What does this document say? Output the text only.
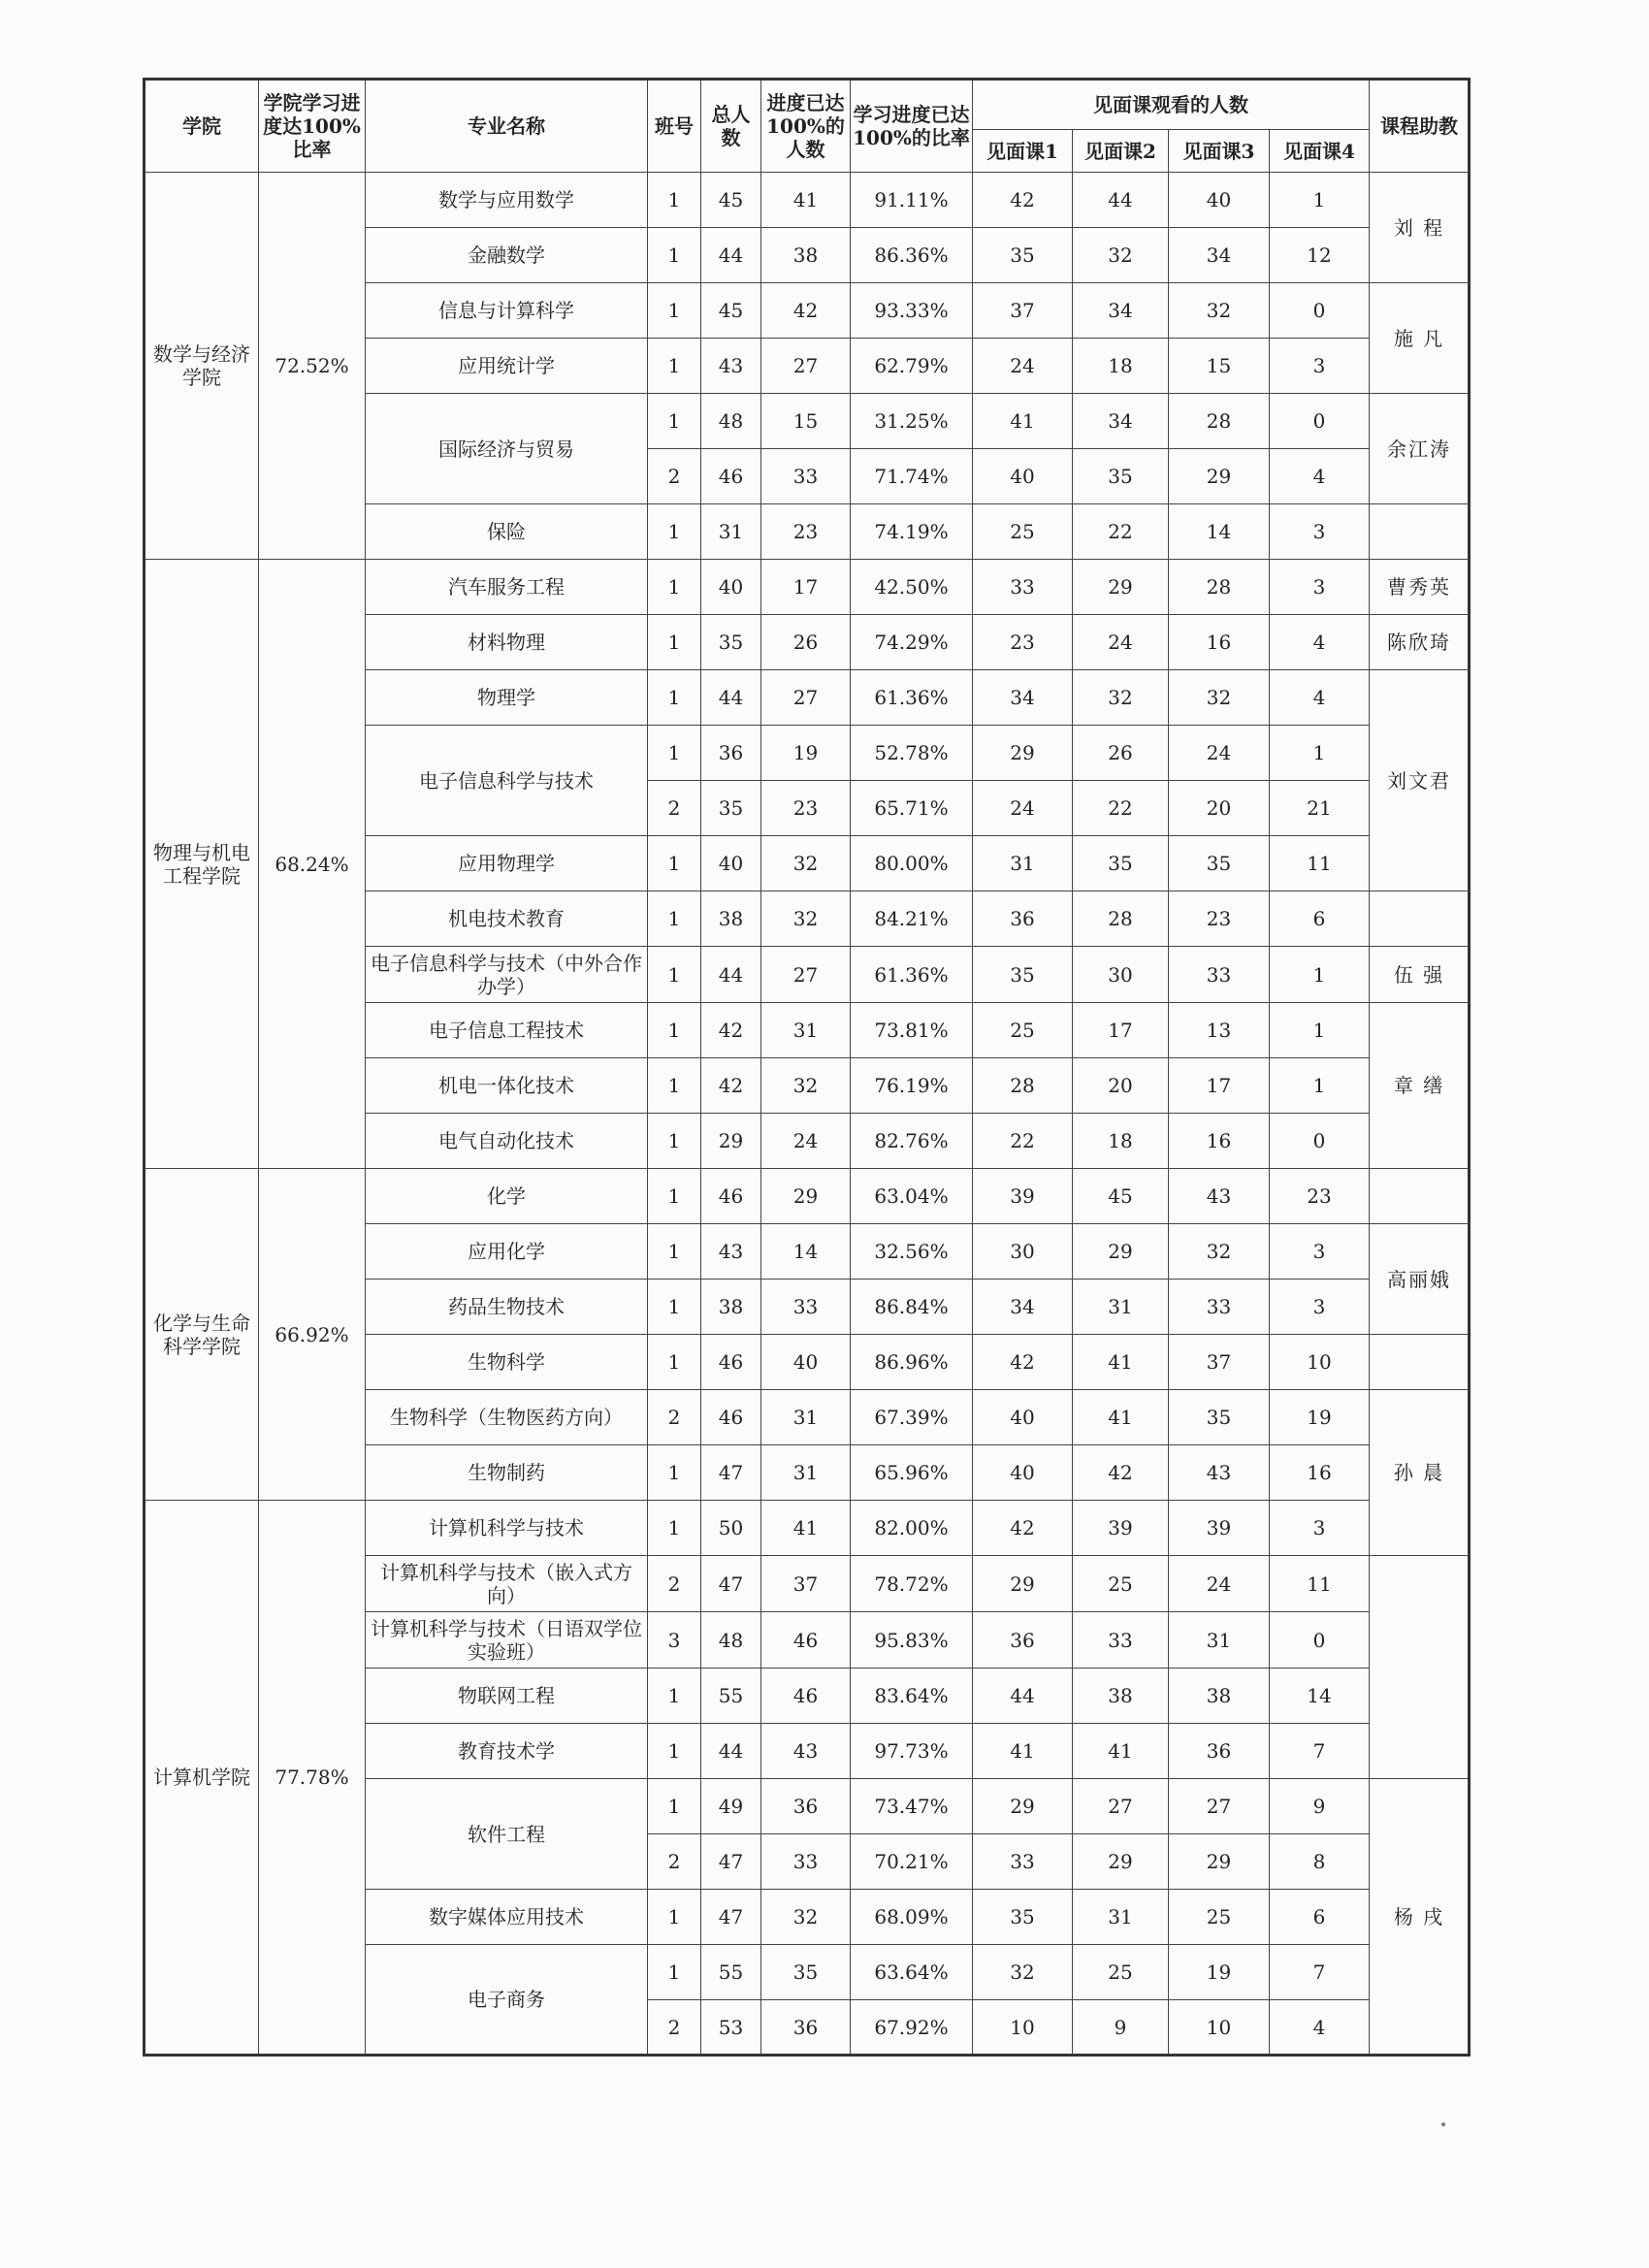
学院	学院学习进度达100%比率	专业名称	班号	总人数	进度已达100%的人数	学习进度已达100%的比率	见面课观看的人数				课程助教	
							见面课1	见面课2	见面课3	见面课4		
数学与经济学院	72.52%	数学与应用数学	1	45	41	91.11%	42	44	40	1	刘 程	
		金融数学	1	44	38	86.36%	35	32	34	12		
		信息与计算科学	1	45	42	93.33%	37	34	32	0	施 凡	
		应用统计学	1	43	27	62.79%	24	18	15	3		
		国际经济与贸易	1	48	15	31.25%	41	34	28	0	余江涛	
			2	46	33	71.74%	40	35	29	4		
		保险	1	31	23	74.19%	25	22	14	3		
物理与机电工程学院	68.24%	汽车服务工程	1	40	17	42.50%	33	29	28	3	曹秀英	
		材料物理	1	35	26	74.29%	23	24	16	4	陈欣琦	
		物理学	1	44	27	61.36%	34	32	32	4	刘文君	
		电子信息科学与技术	1	36	19	52.78%	29	26	24	1		
			2	35	23	65.71%	24	22	20	21		
		应用物理学	1	40	32	80.00%	31	35	35	11		
		机电技术教育	1	38	32	84.21%	36	28	23	6		
		电子信息科学与技术（中外合作办学）	1	44	27	61.36%	35	30	33	1	伍 强	
		电子信息工程技术	1	42	31	73.81%	25	17	13	1	章 缮	
		机电一体化技术	1	42	32	76.19%	28	20	17	1		
		电气自动化技术	1	29	24	82.76%	22	18	16	0		
化学与生命科学学院	66.92%	化学	1	46	29	63.04%	39	45	43	23		
		应用化学	1	43	14	32.56%	30	29	32	3	高丽娥	
		药品生物技术	1	38	33	86.84%	34	31	33	3		
		生物科学	1	46	40	86.96%	42	41	37	10		
		生物科学（生物医药方向）	2	46	31	67.39%	40	41	35	19	孙 晨	
		生物制药	1	47	31	65.96%	40	42	43	16		
计算机学院	77.78%	计算机科学与技术	1	50	41	82.00%	42	39	39	3	
		计算机科学与技术（嵌入式方向）	2	47	37	78.72%	29	25	24	11		
		计算机科学与技术（日语双学位实验班）	3	48	46	95.83%	36	33	31	0		
		物联网工程	1	55	46	83.64%	44	38	38	14		
		教育技术学	1	44	43	97.73%	41	41	36	7		
		软件工程	1	49	36	73.47%	29	27	27	9	杨 戌	
			2	47	33	70.21%	33	29	29	8		
		数字媒体应用技术	1	47	32	68.09%	35	31	25	6		
		电子商务	1	55	35	63.64%	32	25	19	7		
			2	53	36	67.92%	10	9	10	4		
